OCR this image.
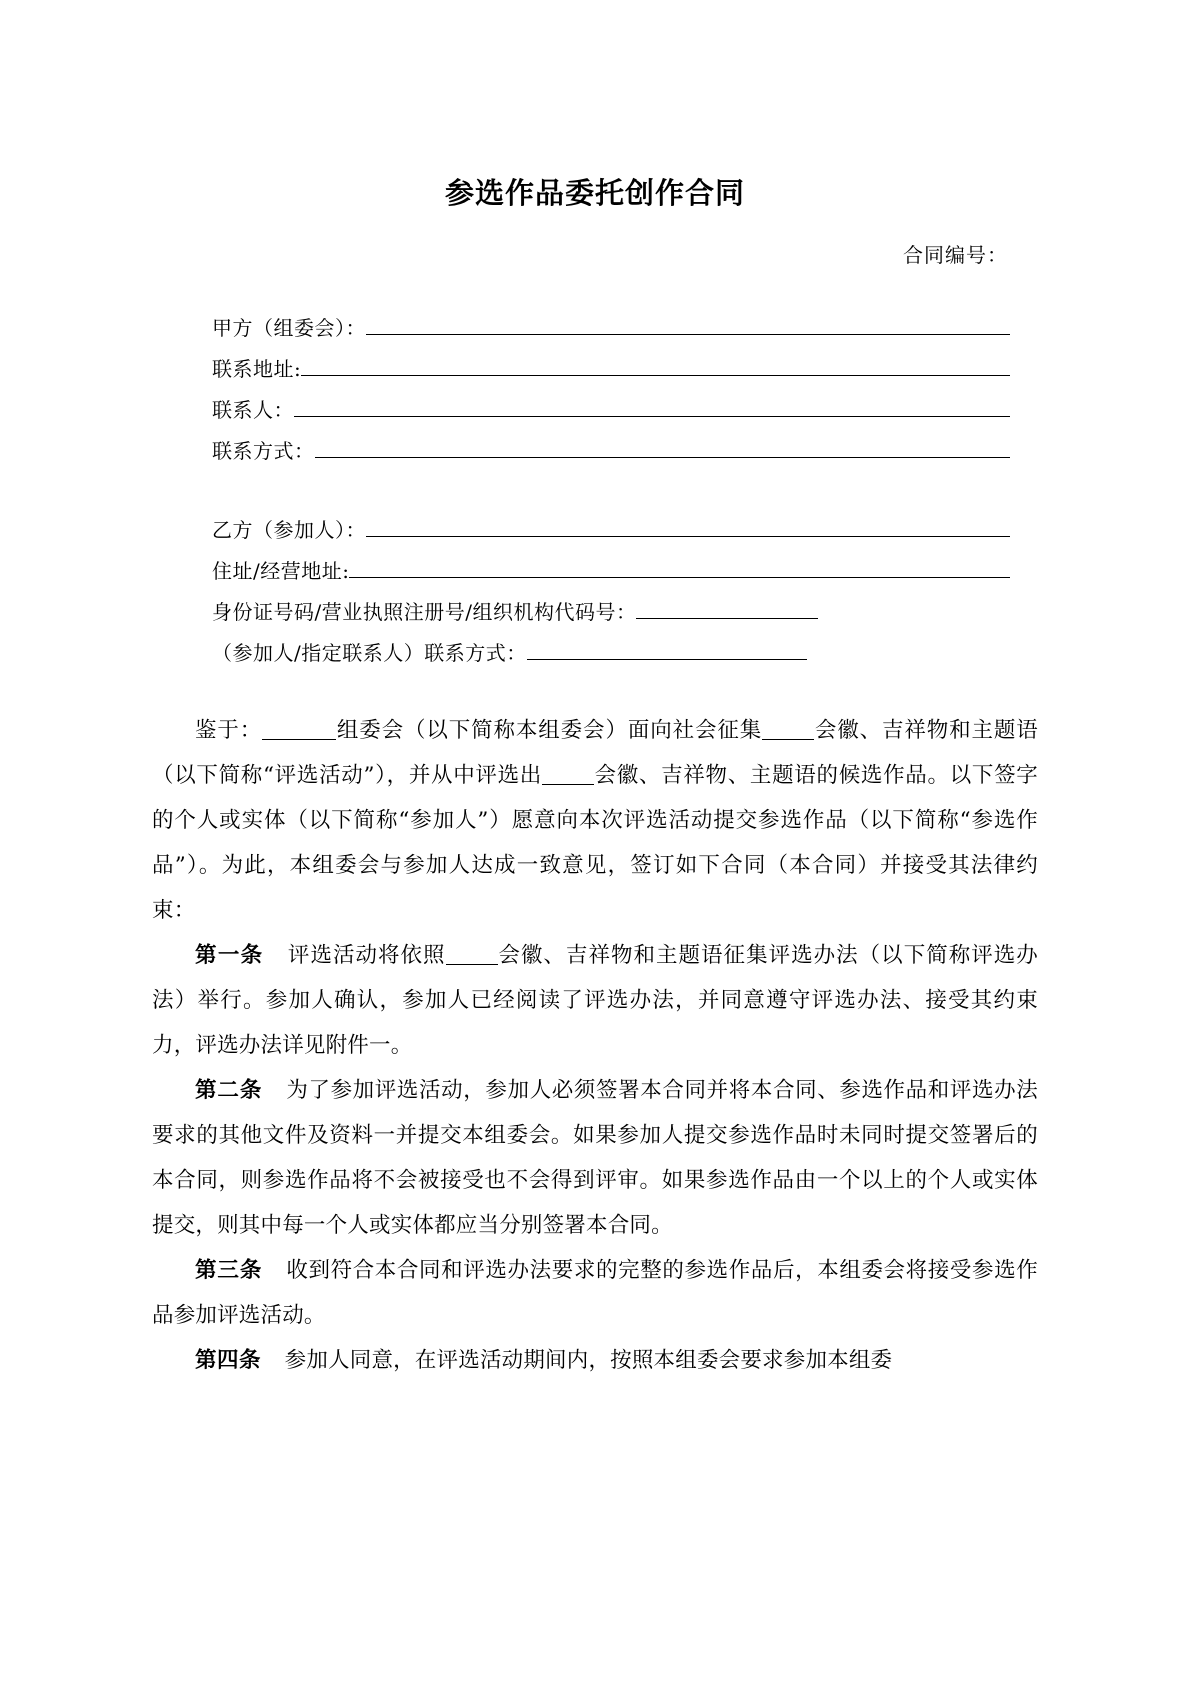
参选作品委托创作合同
合同编号：
甲方（组委会）：
联系地址:
联系人：
联系方式：
乙方（参加人）：
住址/经营地址:
身份证号码/营业执照注册号/组织机构代码号：
（参加人/指定联系人）联系方式：

鉴于：	组委会（以下简称本组委会）面向社会征集 会徽、吉祥物和主题语（以下简称“评选活动”），并从中评选出 会徽、吉祥物、主题语的候选作品。以下签字的个人或实体（以下简称“参加人”）愿意向本次评选活动提交参选作品（以下简称“参选作品”）。为此，本组委会与参加人达成一致意见，签订如下合同（本合同）并接受其法律约束：

第一条 评选活动将依照 会徽、吉祥物和主题语征集评选办法（以下简称评选办法）举行。参加人确认，参加人已经阅读了评选办法，并同意遵守评选办法、接受其约束力，评选办法详见附件一。

第二条 为了参加评选活动，参加人必须签署本合同并将本合同、参选作品和评选办法要求的其他文件及资料一并提交本组委会。如果参加人提交参选作品时未同时提交签署后的本合同，则参选作品将不会被接受也不会得到评审。如果参选作品由一个以上的个人或实体提交，则其中每一个人或实体都应当分别签署本合同。

第三条 收到符合本合同和评选办法要求的完整的参选作品后，本组委会将接受参选作品参加评选活动。

第四条 参加人同意，在评选活动期间内，按照本组委会要求参加本组委
